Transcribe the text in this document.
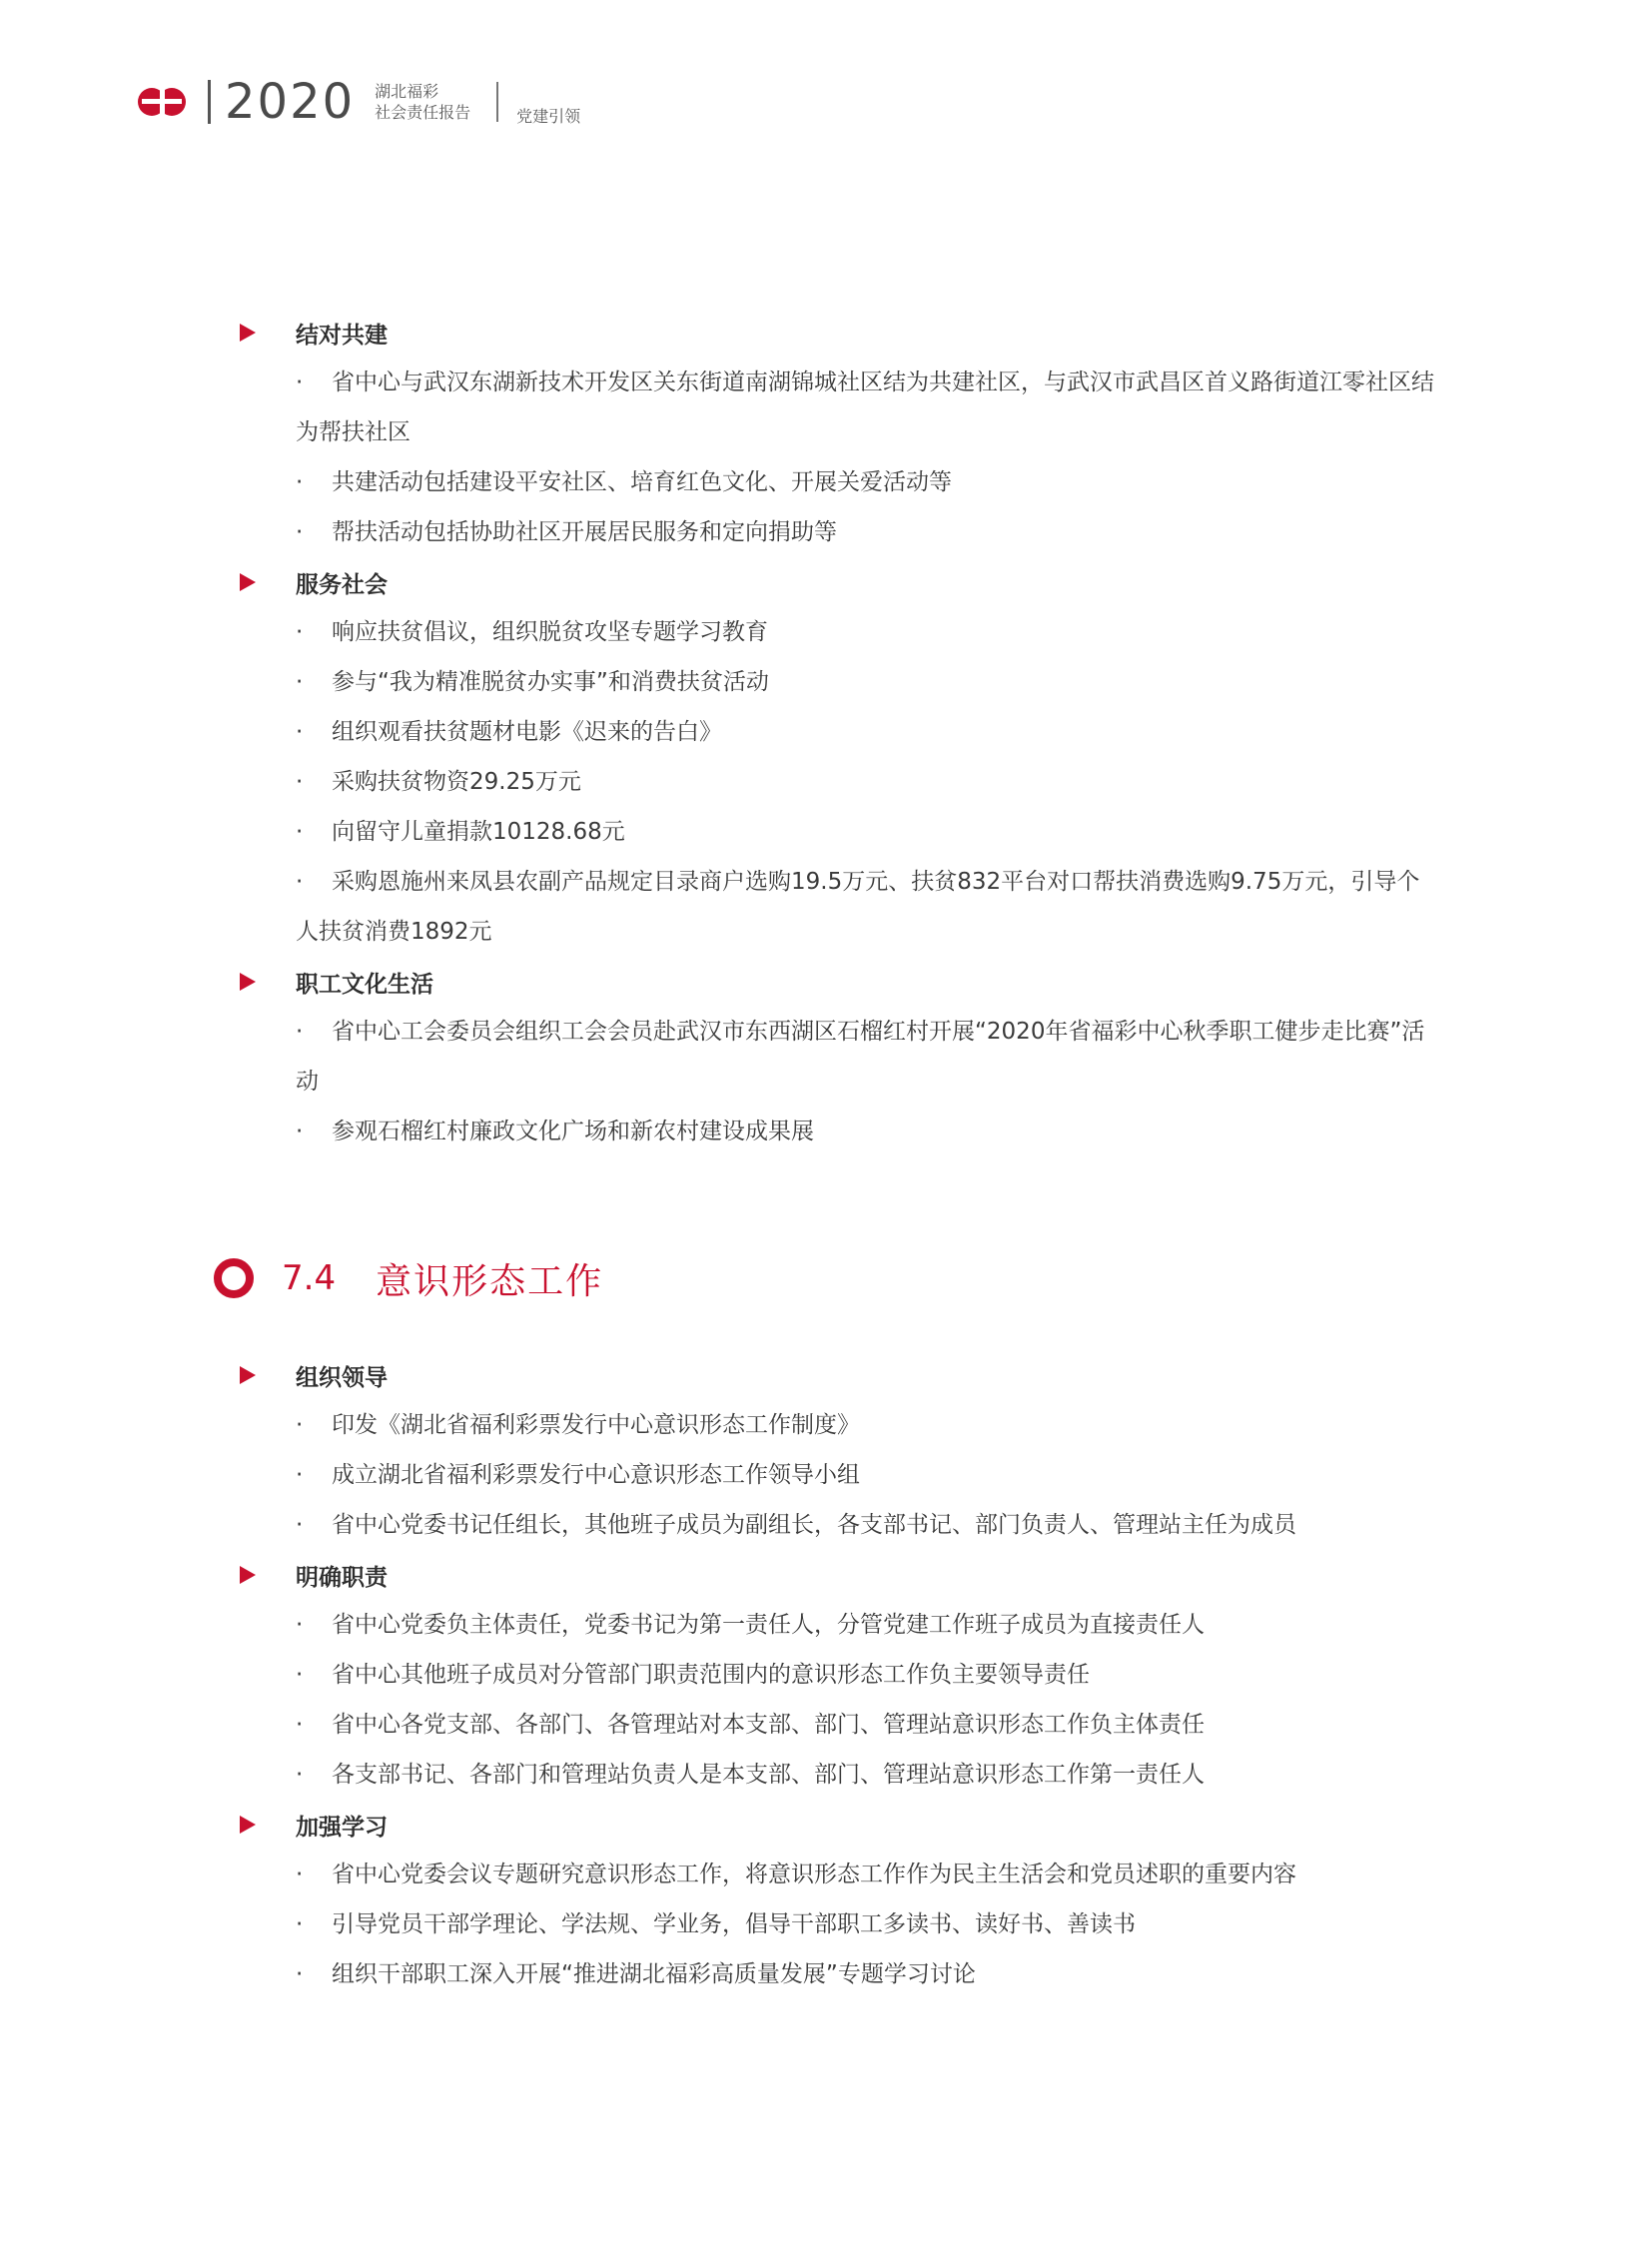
2020 湖北福彩
社会责任报告	党建引领
结对共建
·	省中心与武汉东湖新技术开发区关东街道南湖锦城社区结为共建社区，与武汉市武昌区首义路街道江零社区结为帮扶社区
·	共建活动包括建设平安社区、培育红色文化、开展关爱活动等
·	帮扶活动包括协助社区开展居民服务和定向捐助等
服务社会
·	响应扶贫倡议，组织脱贫攻坚专题学习教育
·	参与“我为精准脱贫办实事”和消费扶贫活动
·	组织观看扶贫题材电影《迟来的告白》
·	采购扶贫物资29.25万元
·	向留守儿童捐款10128.68元
·	采购恩施州来凤县农副产品规定目录商户选购19.5万元、扶贫832平台对口帮扶消费选购9.75万元，引导个人扶贫消费1892元
职工文化生活
·	省中心工会委员会组织工会会员赴武汉市东西湖区石榴红村开展“2020年省福彩中心秋季职工健步走比赛”活动
·	参观石榴红村廉政文化广场和新农村建设成果展
7.4 意识形态工作
组织领导
·	印发《湖北省福利彩票发行中心意识形态工作制度》
·	成立湖北省福利彩票发行中心意识形态工作领导小组
·	省中心党委书记任组长，其他班子成员为副组长，各支部书记、部门负责人、管理站主任为成员
明确职责
·	省中心党委负主体责任，党委书记为第一责任人，分管党建工作班子成员为直接责任人
·	省中心其他班子成员对分管部门职责范围内的意识形态工作负主要领导责任
·	省中心各党支部、各部门、各管理站对本支部、部门、管理站意识形态工作负主体责任
·	各支部书记、各部门和管理站负责人是本支部、部门、管理站意识形态工作第一责任人
加强学习
·	省中心党委会议专题研究意识形态工作，将意识形态工作作为民主生活会和党员述职的重要内容
·	引导党员干部学理论、学法规、学业务，倡导干部职工多读书、读好书、善读书
·	组织干部职工深入开展“推进湖北福彩高质量发展”专题学习讨论
